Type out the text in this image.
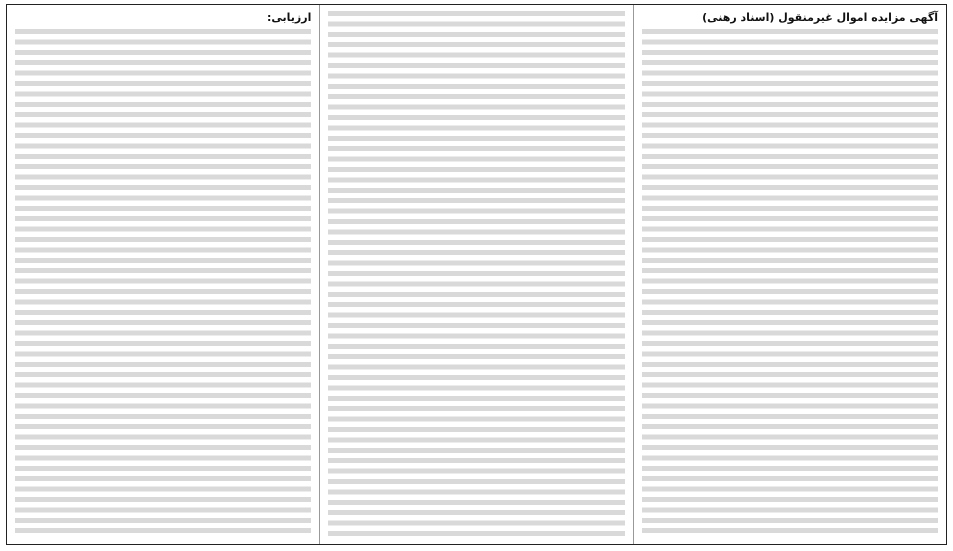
آگهی مزایده اموال غیرمنقول (اسناد رهنی)

ارزیابی:
